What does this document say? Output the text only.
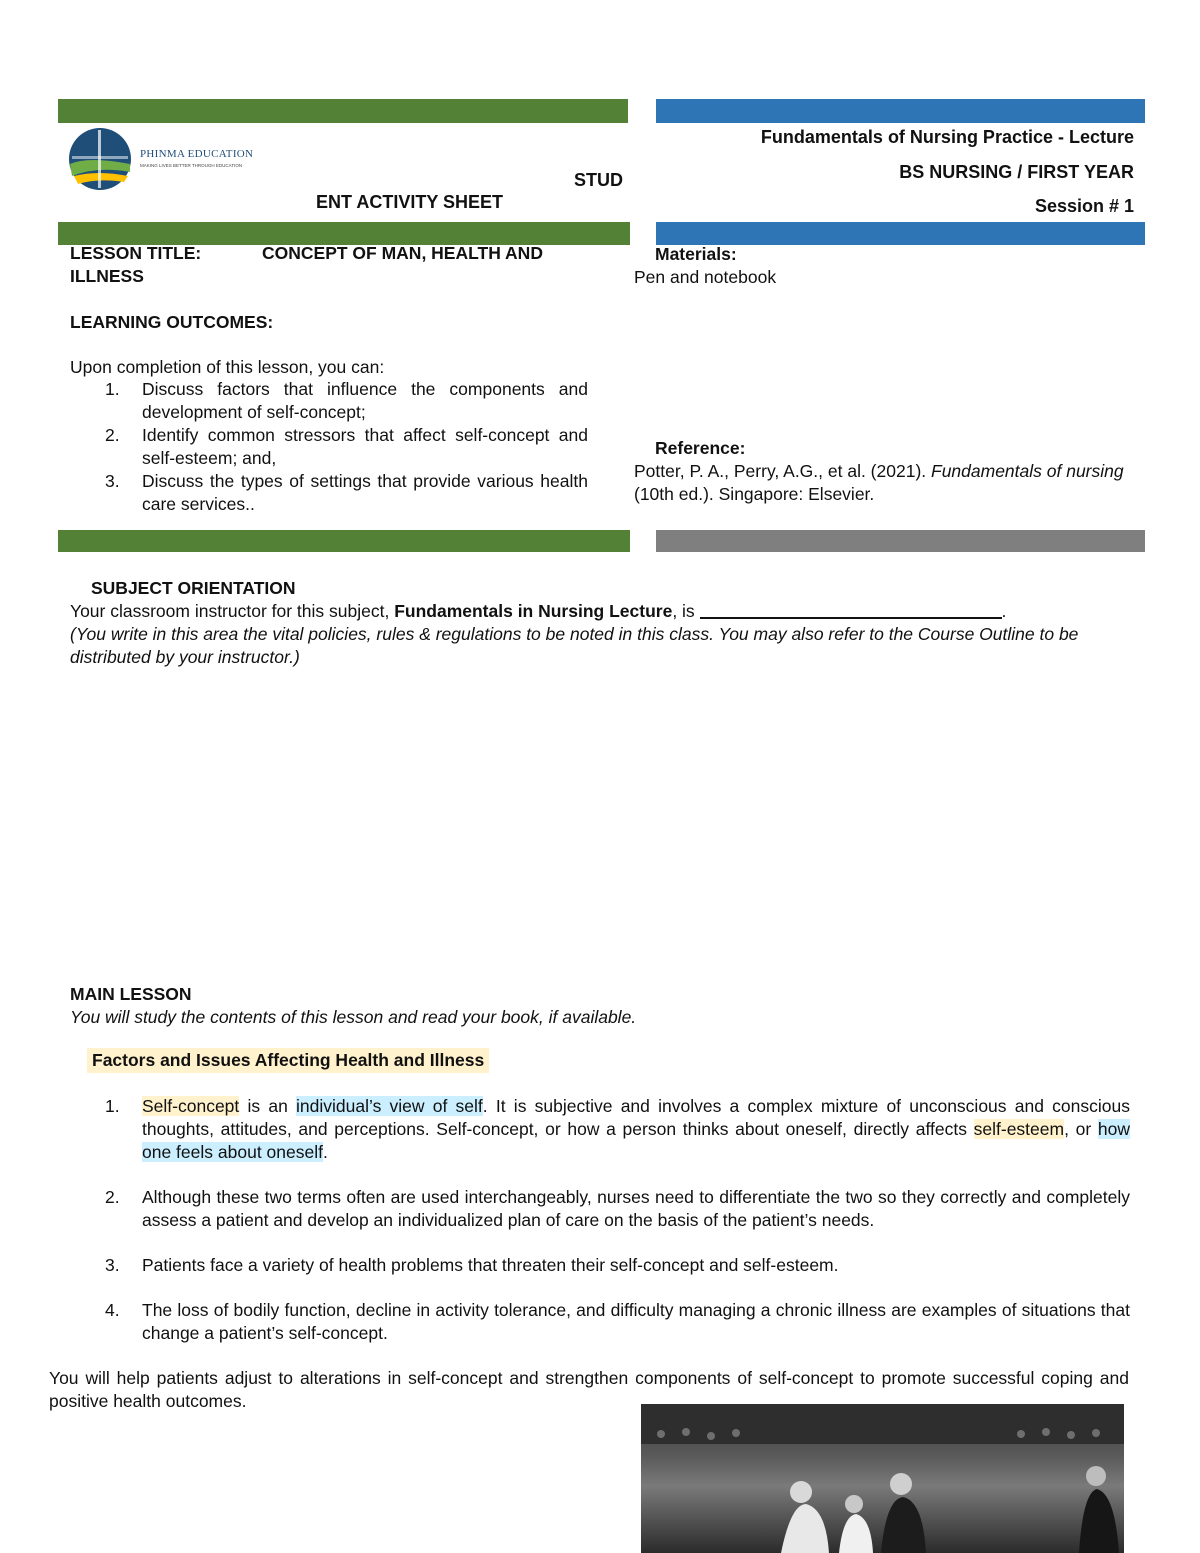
PHINMA EDUCATION
MAKING LIVES BETTER THROUGH EDUCATION
STUD
ENT ACTIVITY SHEET
Fundamentals of Nursing Practice - Lecture
BS NURSING / FIRST YEAR
Session # 1
LESSON TITLE:	CONCEPT OF MAN, HEALTH AND
ILLNESS
LEARNING OUTCOMES:
Upon completion of this lesson, you can:
1. Discuss factors that influence the components and development of self-concept;
2. Identify common stressors that affect self-concept and self-esteem; and,
3. Discuss the types of settings that provide various health care services..
Materials:
Pen and notebook
Reference:
Potter, P. A., Perry, A.G., et al. (2021). Fundamentals of nursing (10th ed.). Singapore: Elsevier.
SUBJECT ORIENTATION
Your classroom instructor for this subject, Fundamentals in Nursing Lecture, is	.
(You write in this area the vital policies, rules & regulations to be noted in this class. You may also refer to the Course Outline to be distributed by your instructor.)
MAIN LESSON
You will study the contents of this lesson and read your book, if available.
Factors and Issues Affecting Health and Illness
1. Self-concept is an individual’s view of self. It is subjective and involves a complex mixture of unconscious and conscious thoughts, attitudes, and perceptions. Self-concept, or how a person thinks about oneself, directly affects self-esteem, or how one feels about oneself.
2. Although these two terms often are used interchangeably, nurses need to differentiate the two so they correctly and completely assess a patient and develop an individualized plan of care on the basis of the patient’s needs.
3. Patients face a variety of health problems that threaten their self-concept and self-esteem.
4. The loss of bodily function, decline in activity tolerance, and difficulty managing a chronic illness are examples of situations that change a patient’s self-concept.
You will help patients adjust to alterations in self-concept and strengthen components of self-concept to promote successful coping and positive health outcomes.
